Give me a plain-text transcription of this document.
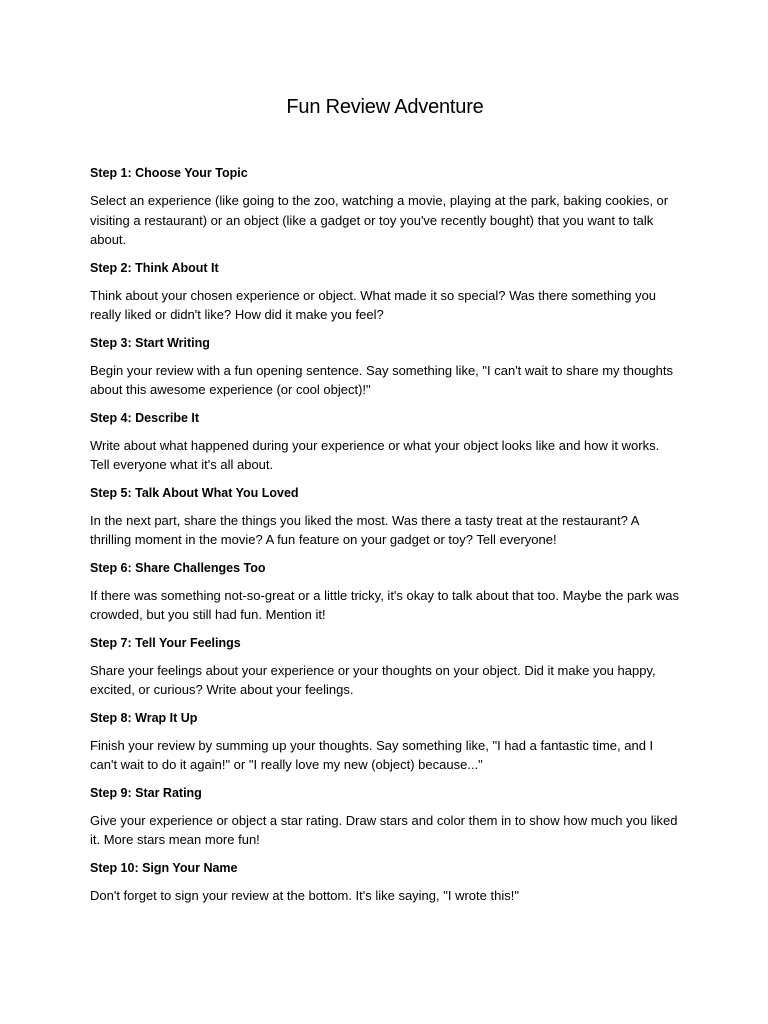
Fun Review Adventure

Step 1: Choose Your Topic

Select an experience (like going to the zoo, watching a movie, playing at the park, baking cookies, or visiting a restaurant) or an object (like a gadget or toy you've recently bought) that you want to talk about.

Step 2: Think About It

Think about your chosen experience or object. What made it so special? Was there something you really liked or didn't like? How did it make you feel?

Step 3: Start Writing

Begin your review with a fun opening sentence. Say something like, "I can't wait to share my thoughts about this awesome experience (or cool object)!"

Step 4: Describe It

Write about what happened during your experience or what your object looks like and how it works. Tell everyone what it's all about.

Step 5: Talk About What You Loved

In the next part, share the things you liked the most. Was there a tasty treat at the restaurant? A thrilling moment in the movie? A fun feature on your gadget or toy? Tell everyone!

Step 6: Share Challenges Too

If there was something not-so-great or a little tricky, it's okay to talk about that too. Maybe the park was crowded, but you still had fun. Mention it!

Step 7: Tell Your Feelings

Share your feelings about your experience or your thoughts on your object. Did it make you happy, excited, or curious? Write about your feelings.

Step 8: Wrap It Up

Finish your review by summing up your thoughts. Say something like, "I had a fantastic time, and I can't wait to do it again!" or "I really love my new (object) because..."

Step 9: Star Rating

Give your experience or object a star rating. Draw stars and color them in to show how much you liked it. More stars mean more fun!

Step 10: Sign Your Name

Don't forget to sign your review at the bottom. It's like saying, "I wrote this!"
